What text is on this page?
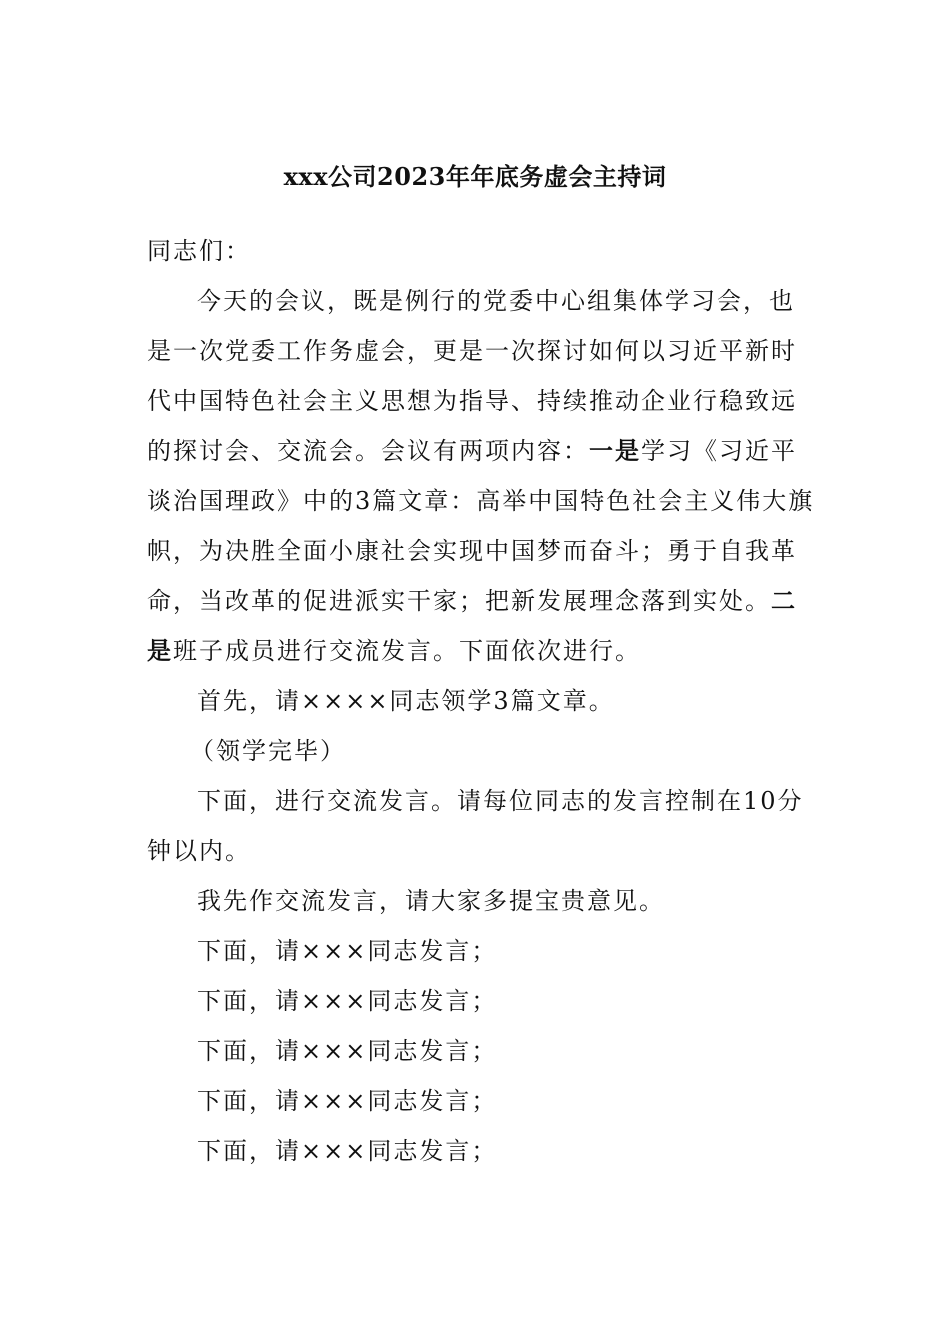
xxx公司2023年年底务虚会主持词
同志们：
今天的会议，既是例行的党委中心组集体学习会，也
是一次党委工作务虚会，更是一次探讨如何以习近平新时
代中国特色社会主义思想为指导、持续推动企业行稳致远
的探讨会、交流会。会议有两项内容：一是学习《习近平
谈治国理政》中的3篇文章：高举中国特色社会主义伟大旗
帜，为决胜全面小康社会实现中国梦而奋斗；勇于自我革
命，当改革的促进派实干家；把新发展理念落到实处。二
是班子成员进行交流发言。下面依次进行。
首先，请××××同志领学3篇文章。
（领学完毕）
下面，进行交流发言。请每位同志的发言控制在10分
钟以内。
我先作交流发言，请大家多提宝贵意见。
下面，请×××同志发言；
下面，请×××同志发言；
下面，请×××同志发言；
下面，请×××同志发言；
下面，请×××同志发言；
